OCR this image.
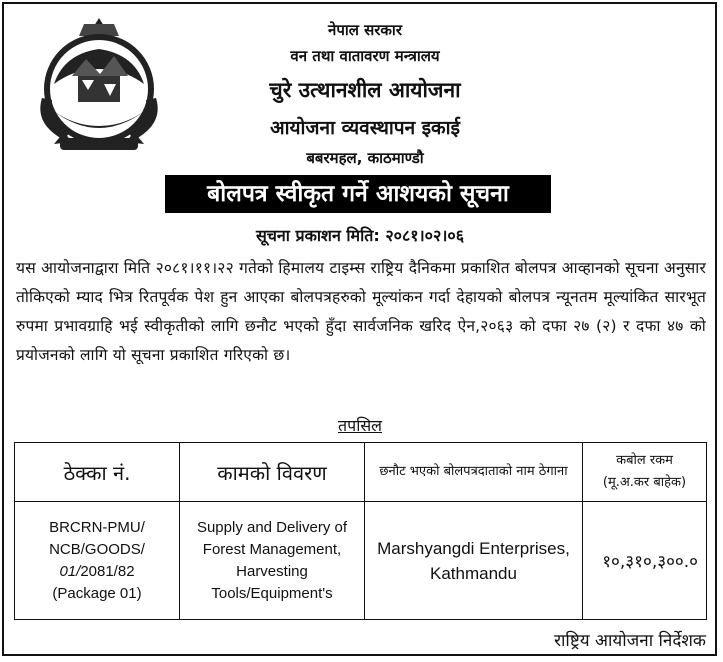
नेपाल सरकार
वन तथा वातावरण मन्त्रालय
चुरे उत्थानशील आयोजना
आयोजना व्यवस्थापन इकाई
बबरमहल, काठमाण्डौ
बोलपत्र स्वीकृत गर्ने आशयको सूचना
सूचना प्रकाशन मिति: २०८१।०२।०६
यस आयोजनाद्वारा मिति २०८१।११।२२ गतेको हिमालय टाइम्स राष्ट्रिय दैनिकमा प्रकाशित बोलपत्र आव्हानको सूचना अनुसार तोकिएको म्याद भित्र रितपूर्वक पेश हुन आएका बोलपत्रहरुको मूल्यांकन गर्दा देहायको बोलपत्र न्यूनतम मूल्यांकित सारभूत रुपमा प्रभावग्राहि भई स्वीकृतीको लागि छनौट भएको हुँदा सार्वजनिक खरिद ऐन,२०६३ को दफा २७ (२) र दफा ४७ को प्रयोजनको लागि यो सूचना प्रकाशित गरिएको छ।
तपसिल
ठेक्का नं.	कामको विवरण	छनौट भएको बोलपत्रदाताको नाम ठेगाना	कबोल रकम
(मू.अ.कर बाहेक)

BRCRN-PMU/ NCB/GOODS/
01/2081/82
(Package 01)	Supply and Delivery of Forest Management, Harvesting Tools/Equipment's	Marshyangdi Enterprises, Kathmandu	१०,३१०,३००.०
राष्ट्रिय आयोजना निर्देशक
